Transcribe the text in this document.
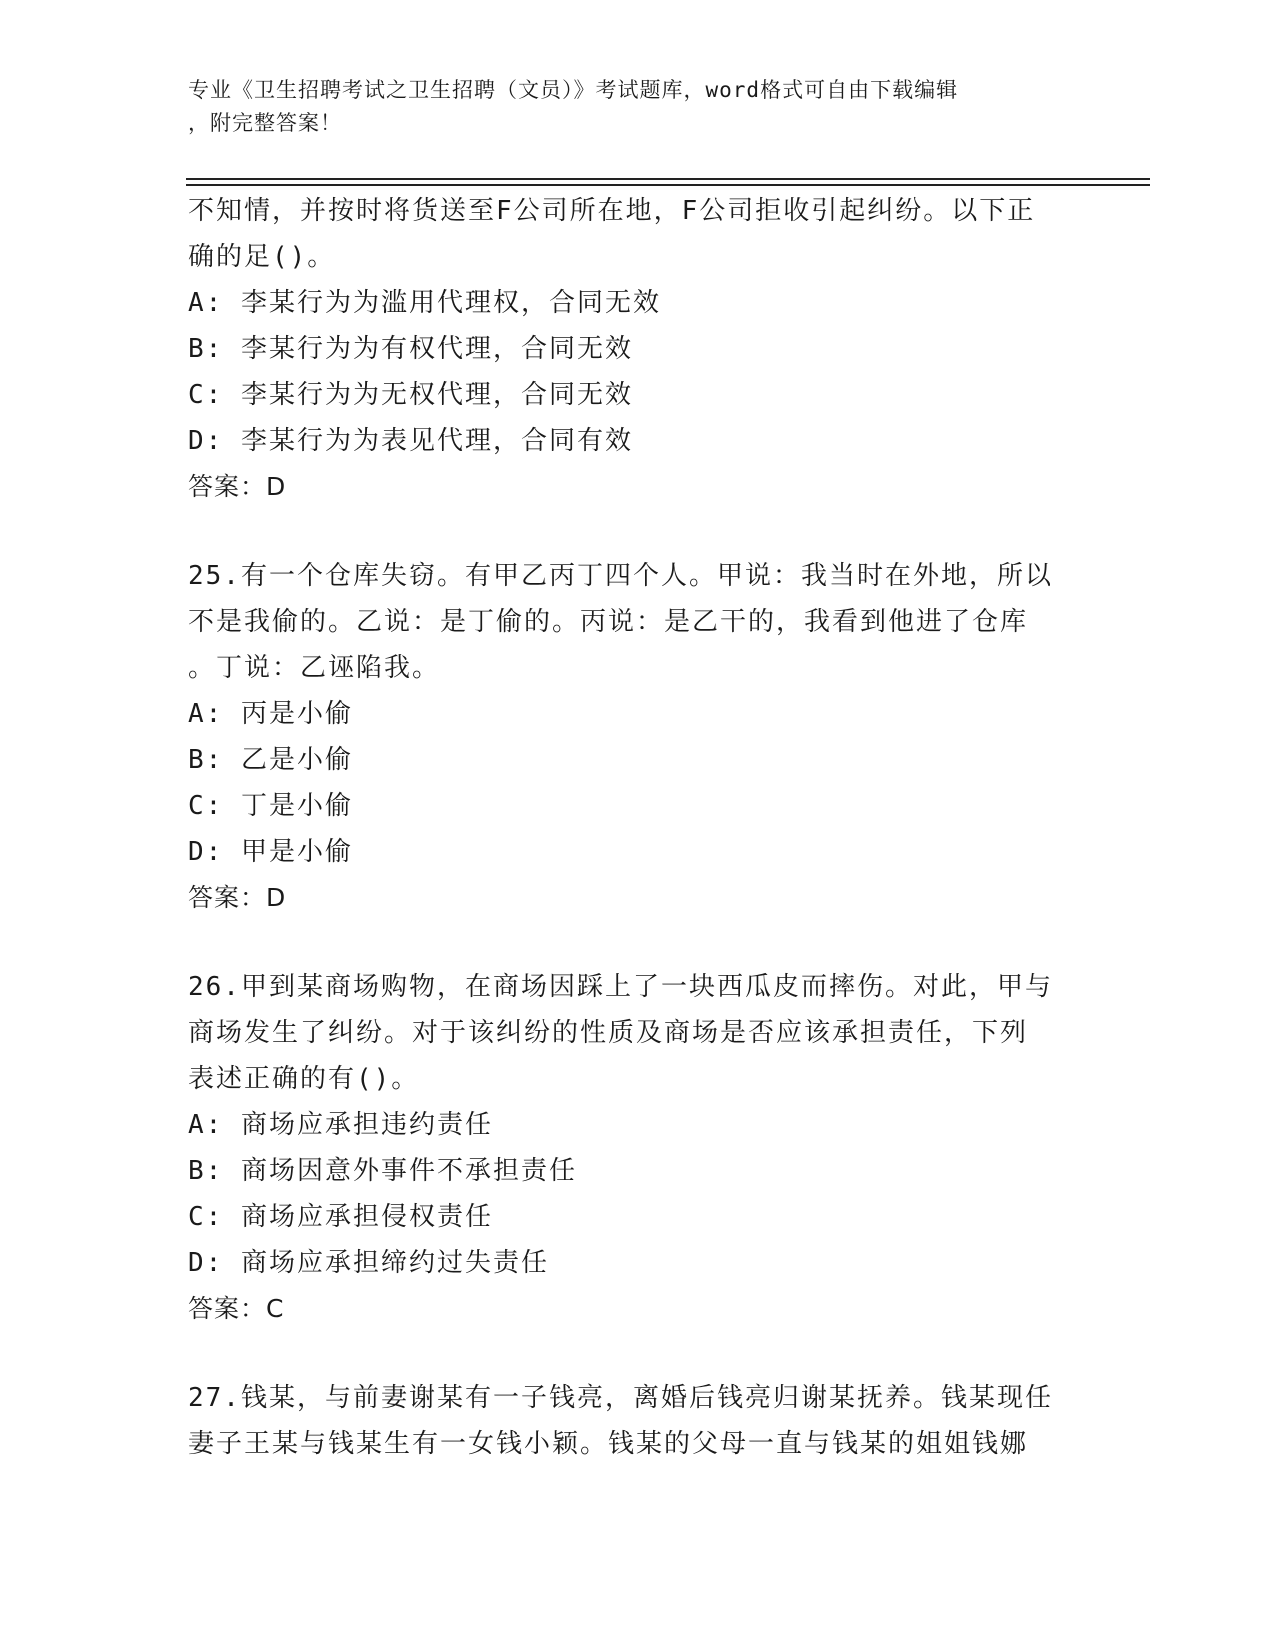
专业《卫生招聘考试之卫生招聘（文员）》考试题库，word格式可自由下载编辑
，附完整答案！
不知情，并按时将货送至F公司所在地，F公司拒收引起纠纷。以下正
确的足()。
A: 李某行为为滥用代理权，合同无效
B: 李某行为为有权代理，合同无效
C: 李某行为为无权代理，合同无效
D: 李某行为为表见代理，合同有效
答案：D
25.有一个仓库失窃。有甲乙丙丁四个人。甲说：我当时在外地，所以
不是我偷的。乙说：是丁偷的。丙说：是乙干的，我看到他进了仓库
。丁说：乙诬陷我。
A: 丙是小偷
B: 乙是小偷
C: 丁是小偷
D: 甲是小偷
答案：D
26.甲到某商场购物，在商场因踩上了一块西瓜皮而摔伤。对此，甲与
商场发生了纠纷。对于该纠纷的性质及商场是否应该承担责任，下列
表述正确的有()。
A: 商场应承担违约责任
B: 商场因意外事件不承担责任
C: 商场应承担侵权责任
D: 商场应承担缔约过失责任
答案：C
27.钱某，与前妻谢某有一子钱亮，离婚后钱亮归谢某抚养。钱某现任
妻子王某与钱某生有一女钱小颖。钱某的父母一直与钱某的姐姐钱娜
